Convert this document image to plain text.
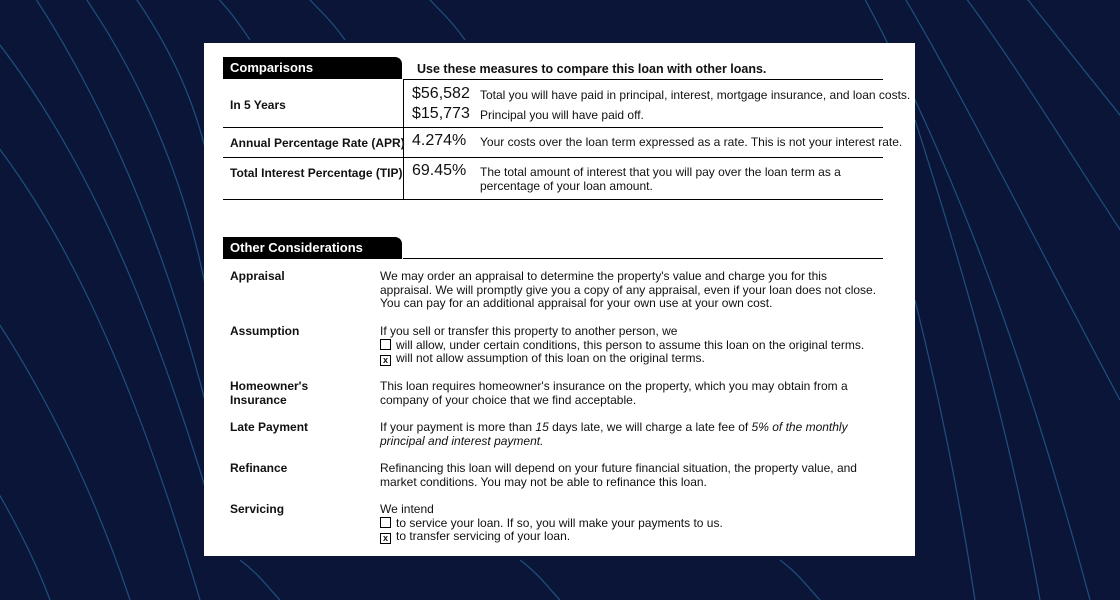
Comparisons	Use these measures to compare this loan with other loans.
In 5 Years
$56,582 Total you will have paid in principal, interest, mortgage insurance, and loan costs.
$15,773 Principal you will have paid off.
Annual Percentage Rate (APR) 4.274% Your costs over the loan term expressed as a rate. This is not your interest rate.
Total Interest Percentage (TIP) 69.45% The total amount of interest that you will pay over the loan term as a
percentage of your loan amount.
Other Considerations
Appraisal	We may order an appraisal to determine the property's value and charge you for this
appraisal. We will promptly give you a copy of any appraisal, even if your loan does not close.
You can pay for an additional appraisal for your own use at your own cost.
Assumption	If you sell or transfer this property to another person, we
will allow, under certain conditions, this person to assume this loan on the original terms.
x will not allow assumption of this loan on the original terms.
Homeowner's
Insurance
This loan requires homeowner's insurance on the property, which you may obtain from a
company of your choice that we find acceptable.
Late Payment	If your payment is more than 15 days late, we will charge a late fee of 5% of the monthly
principal and interest payment.
Refinance	Refinancing this loan will depend on your future financial situation, the property value, and
market conditions. You may not be able to refinance this loan.
Servicing	We intend
to service your loan. If so, you will make your payments to us.
x to transfer servicing of your loan.
